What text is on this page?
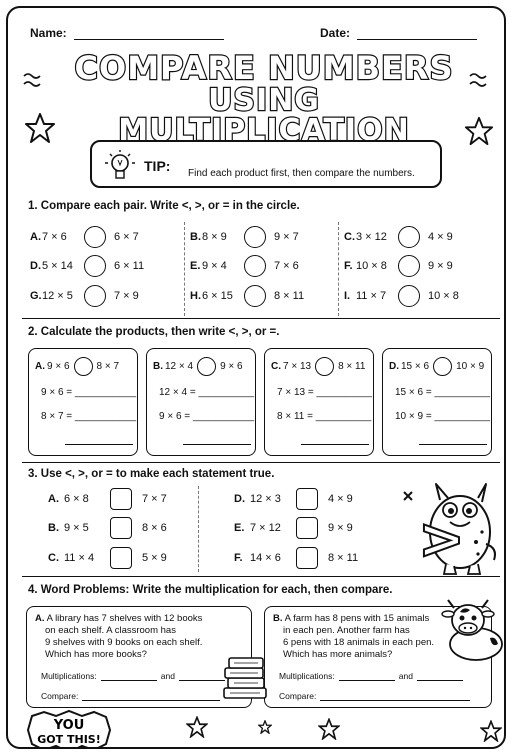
Name:	Date:
COMPARE NUMBERS
USING MULTIPLICATION
TIP: Find each product first, then compare the numbers.
1. Compare each pair. Write <, >, or = in the circle.
A. 7 × 6	6 × 7	B. 8 × 9	9 × 7	C. 3 × 12	4 × 9
D. 5 × 14	6 × 11	E. 9 × 4	7 × 6	F. 10 × 8	9 × 9
G. 12 × 5	7 × 9	H. 6 × 15	8 × 11	I. 11 × 7	10 × 8
2. Calculate the products, then write <, >, or =.
A. 9 × 6	8 × 7
9 × 6 = ___________
8 × 7 = ___________
B. 12 × 4	9 × 6
12 × 4 = __________
9 × 6 = ___________
C. 7 × 13	8 × 11
7 × 13 = __________
8 × 11 = __________
D. 15 × 6	10 × 9
15 × 6 = __________
10 × 9 = __________
3. Use <, >, or = to make each statement true.
A. 6 × 8	7 × 7	D. 12 × 3	4 × 9
B. 9 × 5	8 × 6	E. 7 × 12	9 × 9
C. 11 × 4	5 × 9	F. 14 × 6	8 × 11 >
4. Word Problems: Write the multiplication for each, then compare.
A. A library has 7 shelves with 12 books
on each shelf. A classroom has
9 shelves with 9 books on each shelf.
Which has more books?
Multiplications:	and
Compare:
B. A farm has 8 pens with 15 animals
in each pen. Another farm has
6 pens with 18 animals in each pen.
Which has more animals?
Multiplications:	and
Compare:
YOU
GOT THIS!
